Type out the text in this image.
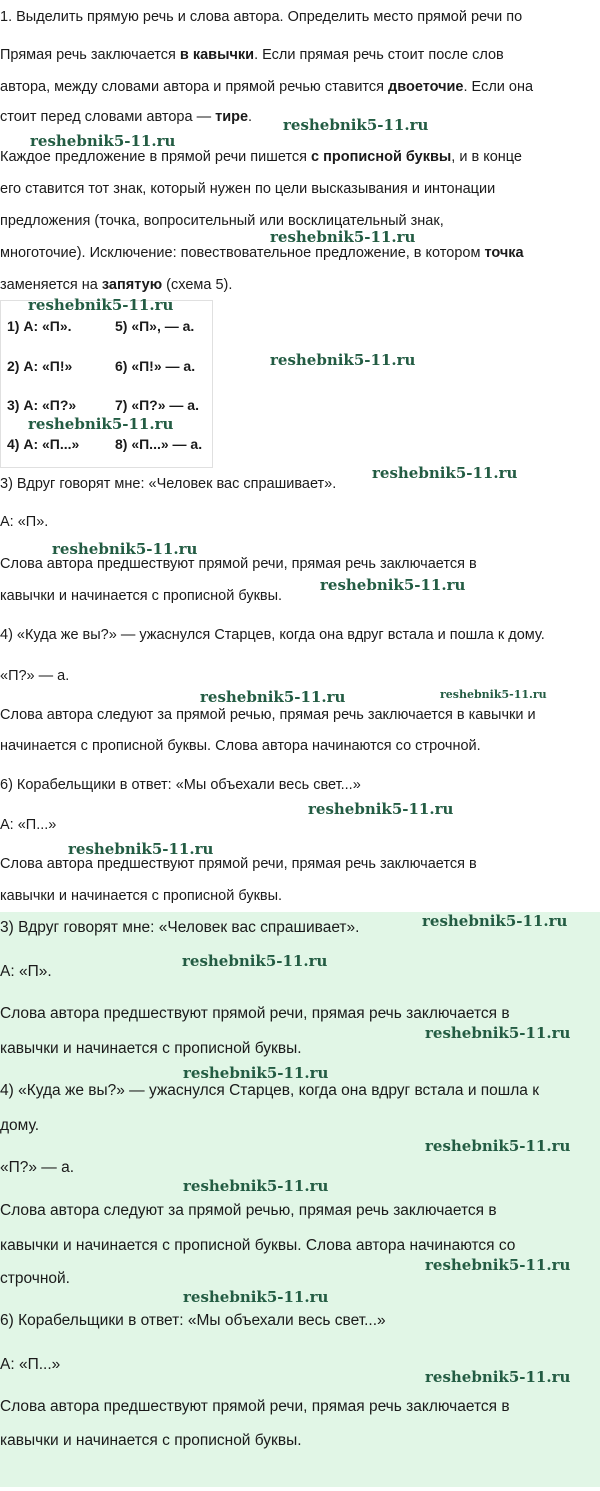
1. Выделить прямую речь и слова автора. Определить место прямой речи по
Прямая речь заключается в кавычки. Если прямая речь стоит после слов
автора, между словами автора и прямой речью ставится двоеточие. Если она
стоит перед словами автора — тире.
Каждое предложение в прямой речи пишется с прописной буквы, и в конце
его ставится тот знак, который нужен по цели высказывания и интонации
предложения (точка, вопросительный или восклицательный знак,
многоточие). Исключение: повествовательное предложение, в котором точка
заменяется на запятую (схема 5).
1) А: «П».
2) А: «П!»
3) А: «П?»
4) А: «П...»
5) «П», — а.
6) «П!» — а.
7) «П?» — а.
8) «П...» — а.
3) Вдруг говорят мне: «Человек вас спрашивает».
А: «П».
Слова автора предшествуют прямой речи, прямая речь заключается в
кавычки и начинается с прописной буквы.
4) «Куда же вы?» — ужаснулся Старцев, когда она вдруг встала и пошла к дому.
«П?» — а.
Слова автора следуют за прямой речью, прямая речь заключается в кавычки и
начинается с прописной буквы. Слова автора начинаются со строчной.
6) Корабельщики в ответ: «Мы объехали весь свет...»
А: «П...»
Слова автора предшествуют прямой речи, прямая речь заключается в
кавычки и начинается с прописной буквы.
3) Вдруг говорят мне: «Человек вас спрашивает».
А: «П».
Слова автора предшествуют прямой речи, прямая речь заключается в
кавычки и начинается с прописной буквы.
4) «Куда же вы?» — ужаснулся Старцев, когда она вдруг встала и пошла к
дому.
«П?» — а.
Слова автора следуют за прямой речью, прямая речь заключается в
кавычки и начинается с прописной буквы. Слова автора начинаются со
строчной.
6) Корабельщики в ответ: «Мы объехали весь свет...»
А: «П...»
Слова автора предшествуют прямой речи, прямая речь заключается в
кавычки и начинается с прописной буквы.
reshebnik5-11.ru
reshebnik5-11.ru
reshebnik5-11.ru
reshebnik5-11.ru
reshebnik5-11.ru
reshebnik5-11.ru
reshebnik5-11.ru
reshebnik5-11.ru
reshebnik5-11.ru
reshebnik5-11.ru	reshebnik5-11.ru
reshebnik5-11.ru
reshebnik5-11.ru
reshebnik5-11.ru
reshebnik5-11.ru
reshebnik5-11.ru
reshebnik5-11.ru
reshebnik5-11.ru
reshebnik5-11.ru
reshebnik5-11.ru
reshebnik5-11.ru
reshebnik5-11.ru
